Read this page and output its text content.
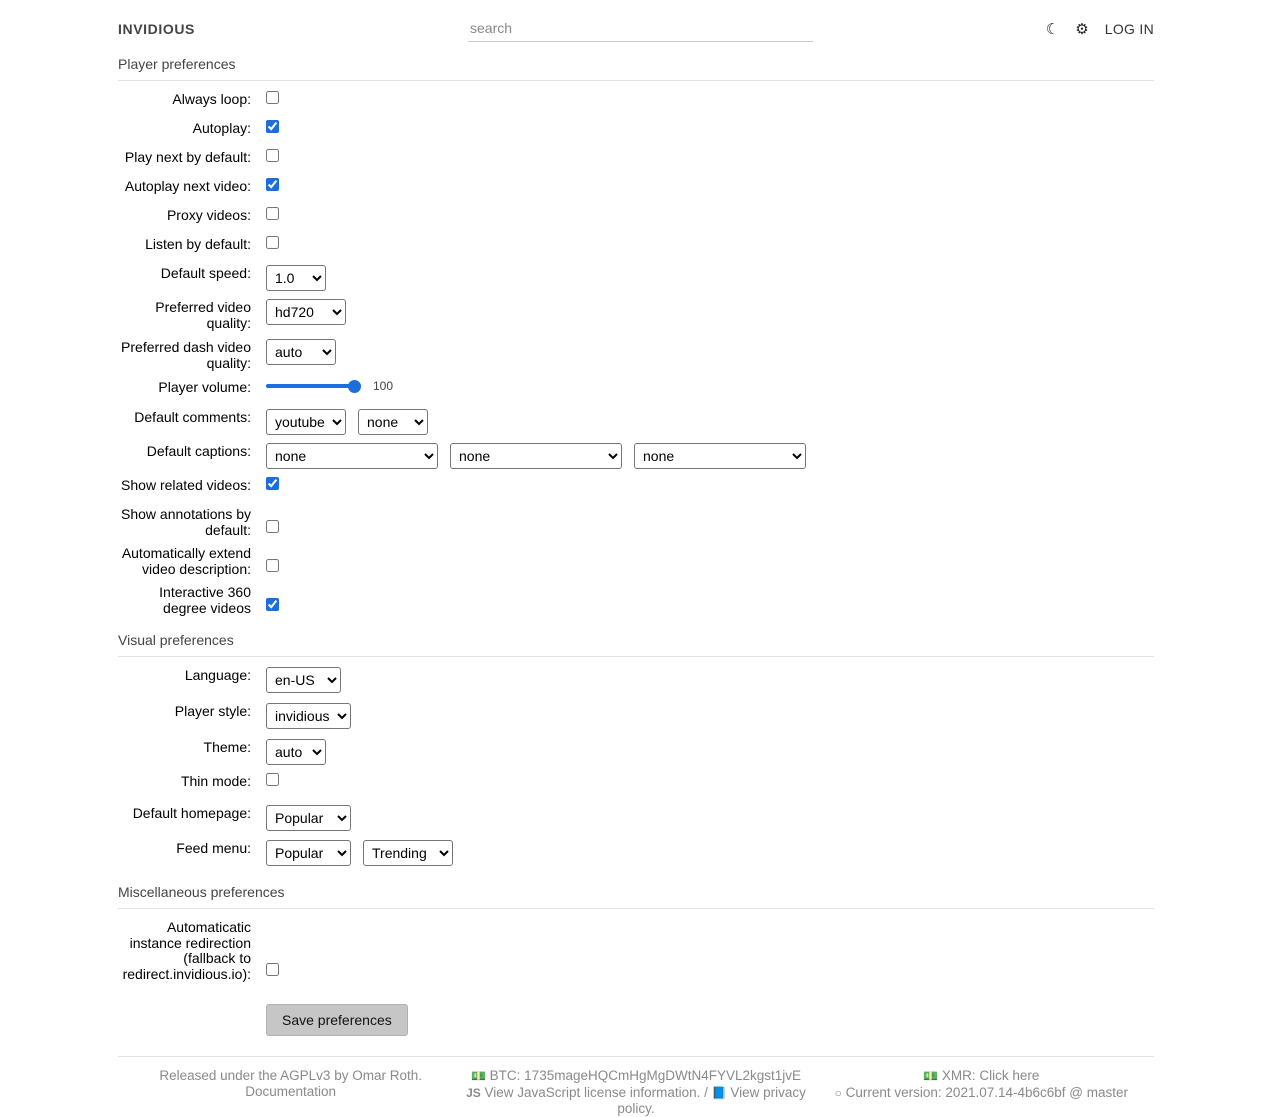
INVIDIOUS
search	☾ ⚙ LOG IN
Player preferences
Always loop:
Autoplay:
Play next by default:
Autoplay next video:
Proxy videos:
Listen by default:
Default speed:
1.0
Preferred video quality:
hd720
Preferred dash video quality:
auto
Player volume:	100
Default comments:
youtube
none
Default captions:
none
none
none
Show related videos:
Show annotations by default:
Automatically extend video description:
Interactive 360 degree videos
Visual preferences
Language:
en-US
Player style:
invidious
Theme:
auto
Thin mode:
Default homepage:
Popular
Feed menu:
Popular
Trending
Miscellaneous preferences
Automaticatic instance redirection (fallback to redirect.invidious.io):
Save preferences
Released under the AGPLv3 by Omar Roth.
Documentation
💵 BTC: 1735mageHQCmHgMgDWtN4FYVL2kgst1jvE
JS View JavaScript license information. / 📘 View privacy policy.
💵 XMR: Click here
○ Current version: 2021.07.14-4b6c6bf @ master
